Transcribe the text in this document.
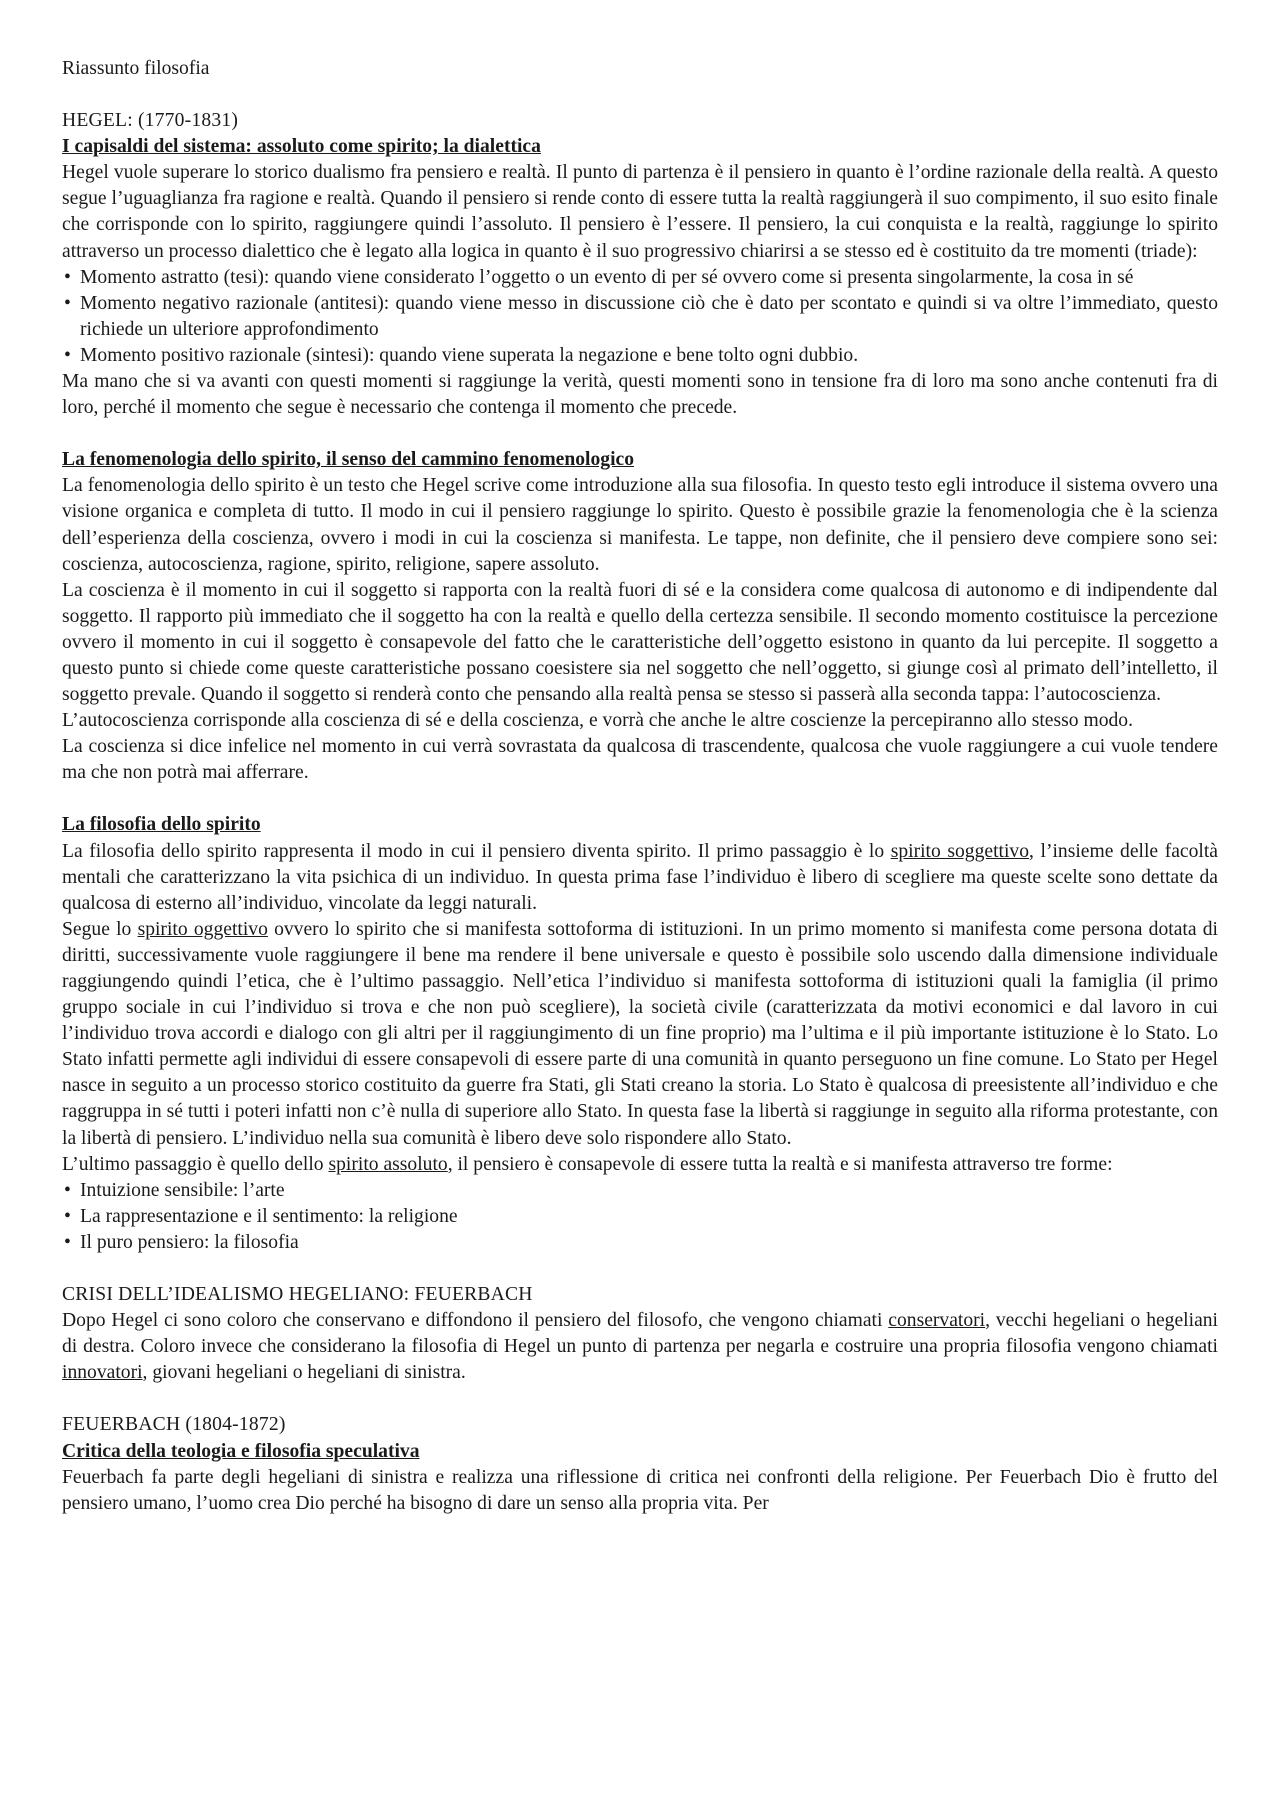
Riassunto filosofia

HEGEL: (1770-1831)

I capisaldi del sistema: assoluto come spirito; la dialettica

Hegel vuole superare lo storico dualismo fra pensiero e realtà. Il punto di partenza è il pensiero in quanto è l’ordine razionale della realtà. A questo segue l’uguaglianza fra ragione e realtà. Quando il pensiero si rende conto di essere tutta la realtà raggiungerà il suo compimento, il suo esito finale che corrisponde con lo spirito, raggiungere quindi l’assoluto. Il pensiero è l’essere. Il pensiero, la cui conquista e la realtà, raggiunge lo spirito attraverso un processo dialettico che è legato alla logica in quanto è il suo progressivo chiarirsi a se stesso ed è costituito da tre momenti (triade):

• Momento astratto (tesi): quando viene considerato l’oggetto o un evento di per sé ovvero come si presenta singolarmente, la cosa in sé
• Momento negativo razionale (antitesi): quando viene messo in discussione ciò che è dato per scontato e quindi si va oltre l’immediato, questo richiede un ulteriore approfondimento
• Momento positivo razionale (sintesi): quando viene superata la negazione e bene tolto ogni dubbio.

Ma mano che si va avanti con questi momenti si raggiunge la verità, questi momenti sono in tensione fra di loro ma sono anche contenuti fra di loro, perché il momento che segue è necessario che contenga il momento che precede.

La fenomenologia dello spirito, il senso del cammino fenomenologico

La fenomenologia dello spirito è un testo che Hegel scrive come introduzione alla sua filosofia. In questo testo egli introduce il sistema ovvero una visione organica e completa di tutto. Il modo in cui il pensiero raggiunge lo spirito. Questo è possibile grazie la fenomenologia che è la scienza dell’esperienza della coscienza, ovvero i modi in cui la coscienza si manifesta. Le tappe, non definite, che il pensiero deve compiere sono sei: coscienza, autocoscienza, ragione, spirito, religione, sapere assoluto.

La coscienza è il momento in cui il soggetto si rapporta con la realtà fuori di sé e la considera come qualcosa di autonomo e di indipendente dal soggetto. Il rapporto più immediato che il soggetto ha con la realtà e quello della certezza sensibile. Il secondo momento costituisce la percezione ovvero il momento in cui il soggetto è consapevole del fatto che le caratteristiche dell’oggetto esistono in quanto da lui percepite. Il soggetto a questo punto si chiede come queste caratteristiche possano coesistere sia nel soggetto che nell’oggetto, si giunge così al primato dell’intelletto, il soggetto prevale. Quando il soggetto si renderà conto che pensando alla realtà pensa se stesso si passerà alla seconda tappa: l’autocoscienza.

L’autocoscienza corrisponde alla coscienza di sé e della coscienza, e vorrà che anche le altre coscienze la percepiranno allo stesso modo.

La coscienza si dice infelice nel momento in cui verrà sovrastata da qualcosa di trascendente, qualcosa che vuole raggiungere a cui vuole tendere ma che non potrà mai afferrare.

La filosofia dello spirito

La filosofia dello spirito rappresenta il modo in cui il pensiero diventa spirito. Il primo passaggio è lo spirito soggettivo, l’insieme delle facoltà mentali che caratterizzano la vita psichica di un individuo. In questa prima fase l’individuo è libero di scegliere ma queste scelte sono dettate da qualcosa di esterno all’individuo, vincolate da leggi naturali.

Segue lo spirito oggettivo ovvero lo spirito che si manifesta sottoforma di istituzioni. In un primo momento si manifesta come persona dotata di diritti, successivamente vuole raggiungere il bene ma rendere il bene universale e questo è possibile solo uscendo dalla dimensione individuale raggiungendo quindi l’etica, che è l’ultimo passaggio. Nell’etica l’individuo si manifesta sottoforma di istituzioni quali la famiglia (il primo gruppo sociale in cui l’individuo si trova e che non può scegliere), la società civile (caratterizzata da motivi economici e dal lavoro in cui l’individuo trova accordi e dialogo con gli altri per il raggiungimento di un fine proprio) ma l’ultima e il più importante istituzione è lo Stato. Lo Stato infatti permette agli individui di essere consapevoli di essere parte di una comunità in quanto perseguono un fine comune. Lo Stato per Hegel nasce in seguito a un processo storico costituito da guerre fra Stati, gli Stati creano la storia. Lo Stato è qualcosa di preesistente all’individuo e che raggruppa in sé tutti i poteri infatti non c’è nulla di superiore allo Stato. In questa fase la libertà si raggiunge in seguito alla riforma protestante, con la libertà di pensiero. L’individuo nella sua comunità è libero deve solo rispondere allo Stato.

L’ultimo passaggio è quello dello spirito assoluto, il pensiero è consapevole di essere tutta la realtà e si manifesta attraverso tre forme:

• Intuizione sensibile: l’arte
• La rappresentazione e il sentimento: la religione
• Il puro pensiero: la filosofia

CRISI DELL’IDEALISMO HEGELIANO: FEUERBACH

Dopo Hegel ci sono coloro che conservano e diffondono il pensiero del filosofo, che vengono chiamati conservatori, vecchi hegeliani o hegeliani di destra. Coloro invece che considerano la filosofia di Hegel un punto di partenza per negarla e costruire una propria filosofia vengono chiamati innovatori, giovani hegeliani o hegeliani di sinistra.

FEUERBACH (1804-1872)

Critica della teologia e filosofia speculativa

Feuerbach fa parte degli hegeliani di sinistra e realizza una riflessione di critica nei confronti della religione. Per Feuerbach Dio è frutto del pensiero umano, l’uomo crea Dio perché ha bisogno di dare un senso alla propria vita. Per
